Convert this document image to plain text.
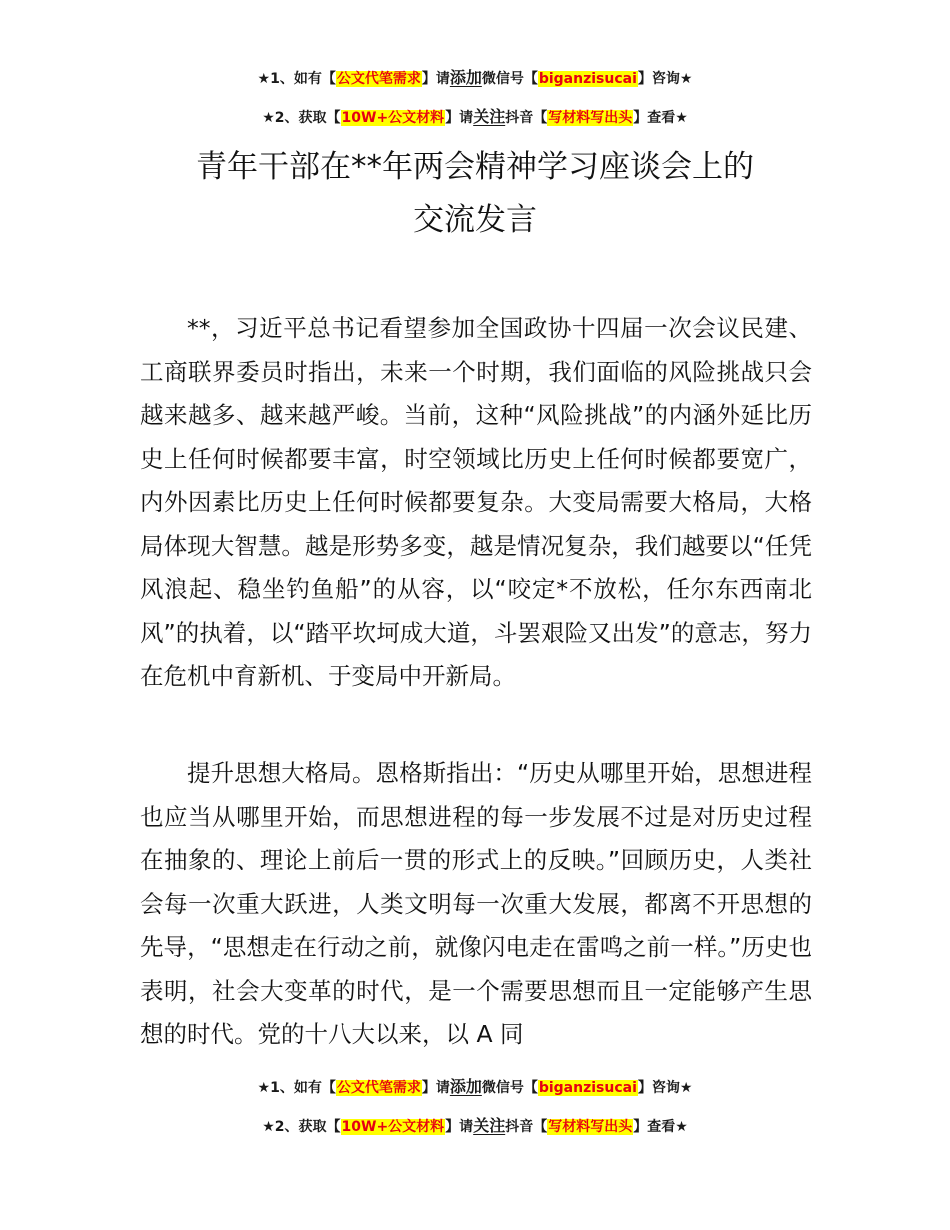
★1、如有【公文代笔需求】请添加微信号【biganzisucai】咨询★
★2、获取【10W+公文材料】请关注抖音【写材料写出头】查看★
青年干部在**年两会精神学习座谈会上的
交流发言

**，习近平总书记看望参加全国政协十四届一次会议民建、工商联界委员时指出，未来一个时期，我们面临的风险挑战只会越来越多、越来越严峻。当前，这种“风险挑战”的内涵外延比历史上任何时候都要丰富，时空领域比历史上任何时候都要宽广，内外因素比历史上任何时候都要复杂。大变局需要大格局，大格局体现大智慧。越是形势多变，越是情况复杂，我们越要以“任凭风浪起、稳坐钓鱼船”的从容，以“咬定*不放松，任尔东西南北风”的执着，以“踏平坎坷成大道，斗罢艰险又出发”的意志，努力在危机中育新机、于变局中开新局。

提升思想大格局。恩格斯指出：“历史从哪里开始，思想进程也应当从哪里开始，而思想进程的每一步发展不过是对历史过程在抽象的、理论上前后一贯的形式上的反映。”回顾历史，人类社会每一次重大跃进，人类文明每一次重大发展，都离不开思想的先导，“思想走在行动之前，就像闪电走在雷鸣之前一样。”历史也表明，社会大变革的时代，是一个需要思想而且一定能够产生思想的时代。党的十八大以来，以 A 同

★1、如有【公文代笔需求】请添加微信号【biganzisucai】咨询★
★2、获取【10W+公文材料】请关注抖音【写材料写出头】查看★
